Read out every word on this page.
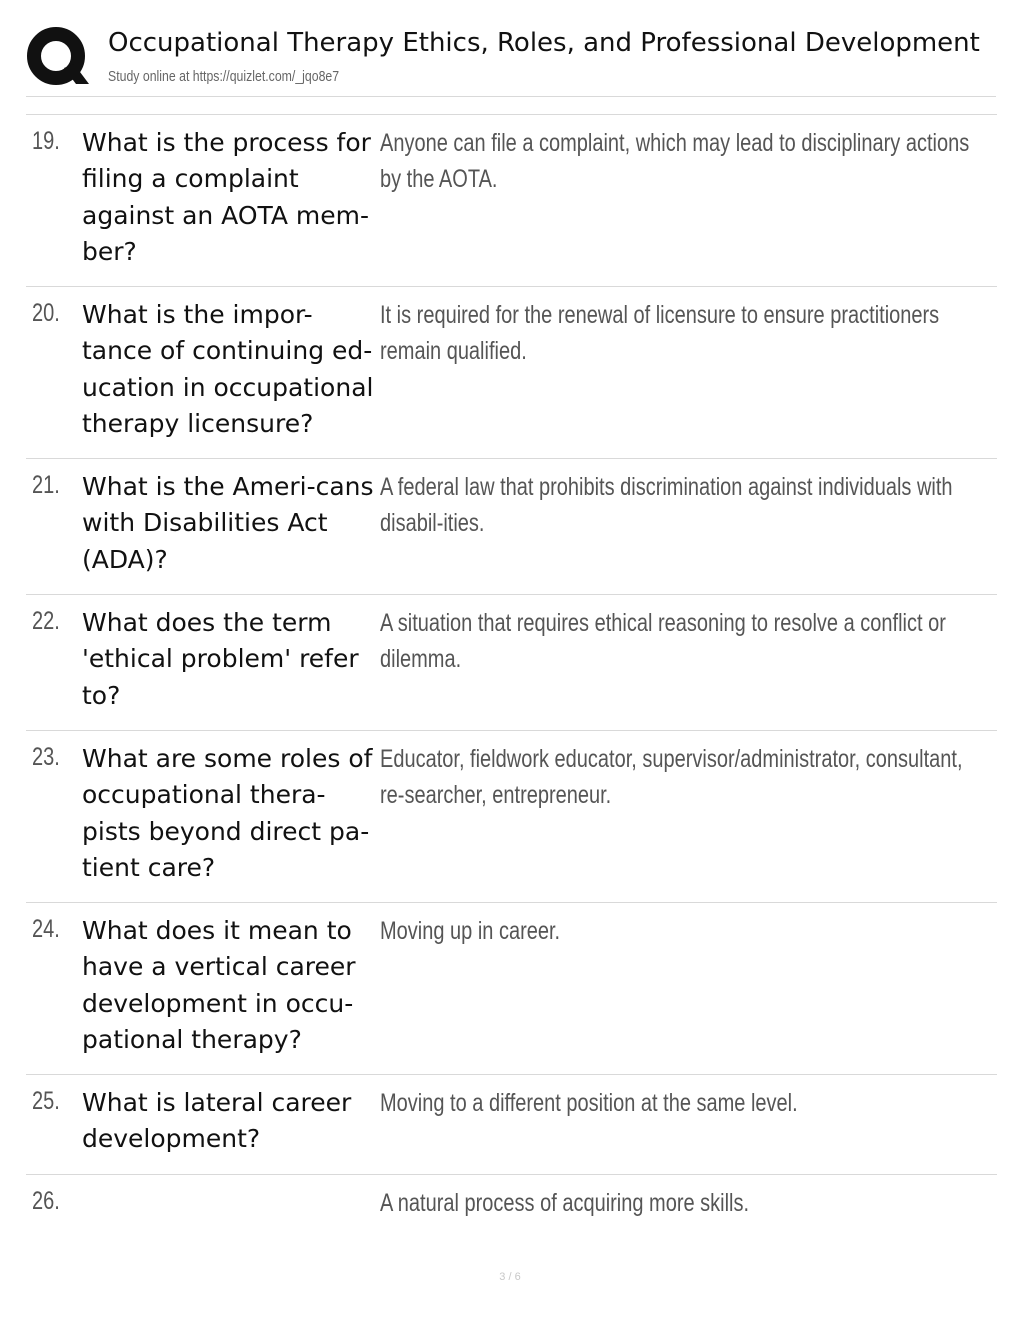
Occupational Therapy Ethics, Roles, and Professional Development
Study online at https://quizlet.com/_jqo8e7
19. What is the process for filing a complaint against an AOTA mem-ber?
Anyone can file a complaint, which may lead to disciplinary actions by the AOTA.
20. What is the impor-tance of continuing ed-ucation in occupational therapy licensure?
It is required for the renewal of licensure to ensure practitioners remain qualified.
21. What is the Ameri-cans with Disabilities Act (ADA)?
A federal law that prohibits discrimination against individuals with disabil-ities.
22. What does the term 'ethical problem' refer to?
A situation that requires ethical reasoning to resolve a conflict or dilemma.
23. What are some roles of occupational thera-pists beyond direct pa-tient care?
Educator, fieldwork educator, supervisor/administrator, consultant, re-searcher, entrepreneur.
24. What does it mean to have a vertical career development in occu-pational therapy?
Moving up in career.
25. What is lateral career development?
Moving to a different position at the same level.
26.	A natural process of acquiring more skills.
3 / 6
